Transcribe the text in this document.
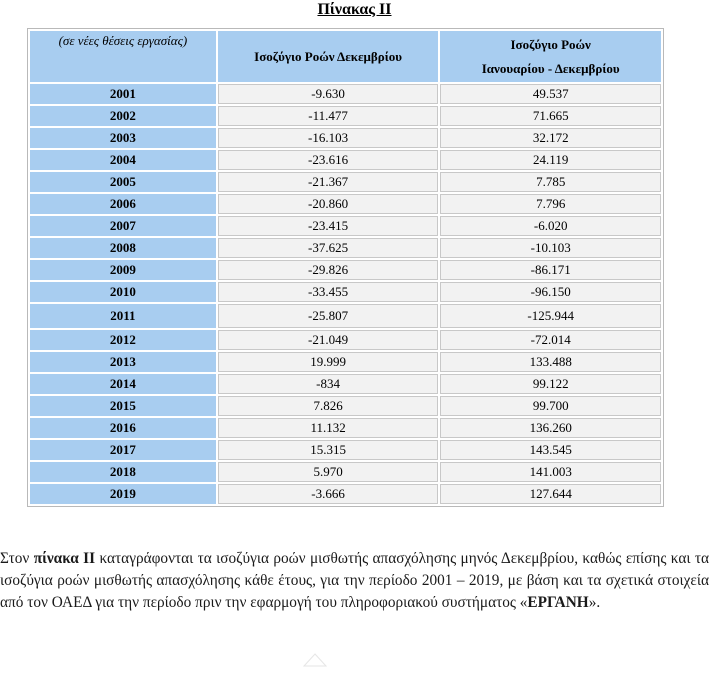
Πίνακας ΙΙ
(σε νέες θέσεις εργασίας)	Ισοζύγιο Ροών Δεκεμβρίου	Ισοζύγιο Ροών
Ιανουαρίου - Δεκεμβρίου

2001	-9.630	49.537
2002	-11.477	71.665
2003	-16.103	32.172
2004	-23.616	24.119
2005	-21.367	7.785
2006	-20.860	7.796
2007	-23.415	-6.020
2008	-37.625	-10.103
2009	-29.826	-86.171
2010	-33.455	-96.150
2011	-25.807	-125.944
2012	-21.049	-72.014
2013	19.999	133.488
2014	-834	99.122
2015	7.826	99.700
2016	11.132	136.260
2017	15.315	143.545
2018	5.970	141.003
2019	-3.666	127.644
Στον πίνακα ΙΙ καταγράφονται τα ισοζύγια ροών μισθωτής απασχόλησης μηνός Δεκεμβρίου, καθώς επίσης και τα ισοζύγια ροών μισθωτής απασχόλησης κάθε έτους, για την περίοδο 2001 – 2019, με βάση και τα σχετικά στοιχεία από τον ΟΑΕΔ για την περίοδο πριν την εφαρμογή του πληροφοριακού συστήματος «ΕΡΓΑΝΗ».
